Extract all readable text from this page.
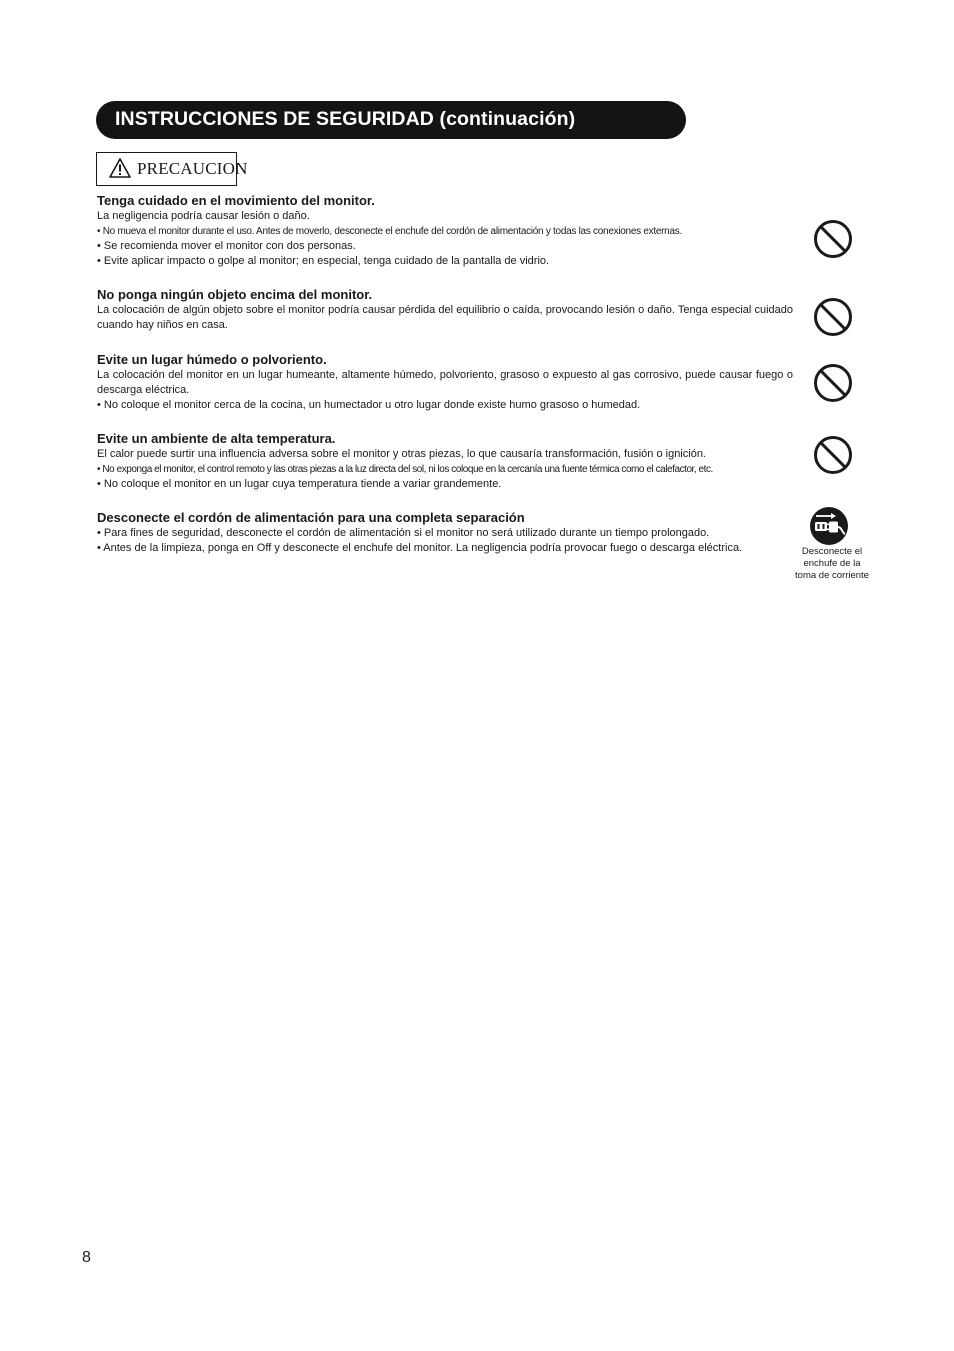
INSTRUCCIONES DE SEGURIDAD (continuación)
PRECAUCION
Tenga cuidado en el movimiento del monitor.

La negligencia podría causar lesión o daño.

• No mueva el monitor durante el uso. Antes de moverlo, desconecte el enchufe del cordón de alimentación y todas las conexiones externas.

• Se recomienda mover el monitor con dos personas.

• Evite aplicar impacto o golpe al monitor; en especial, tenga cuidado de la pantalla de vidrio.

No ponga ningún objeto encima del monitor.

La colocación de algún objeto sobre el monitor podría causar pérdida del equilibrio o caída, provocando lesión o daño. Tenga especial cuidado cuando hay niños en casa.

Evite un lugar húmedo o polvoriento.

La colocación del monitor en un lugar humeante, altamente húmedo, polvoriento, grasoso o expuesto al gas corrosivo, puede causar fuego o descarga eléctrica.

• No coloque el monitor cerca de la cocina, un humectador u otro lugar donde existe humo grasoso o humedad.

Evite un ambiente de alta temperatura.

El calor puede surtir una influencia adversa sobre el monitor y otras piezas, lo que causaría transformación, fusión o ignición.

• No exponga el monitor, el control remoto y las otras piezas a la luz directa del sol, ni los coloque en la cercanía una fuente térmica como el calefactor, etc.

• No coloque el monitor en un lugar cuya temperatura tiende a variar grandemente.

Desconecte el cordón de alimentación para una completa separación

• Para fines de seguridad, desconecte el cordón de alimentación si el monitor no será utilizado durante un tiempo prolongado.

• Antes de la limpieza, ponga en Off y desconecte el enchufe del monitor. La negligencia podría provocar fuego o descarga eléctrica.	Desconecte el enchufe de la toma de corriente
8
